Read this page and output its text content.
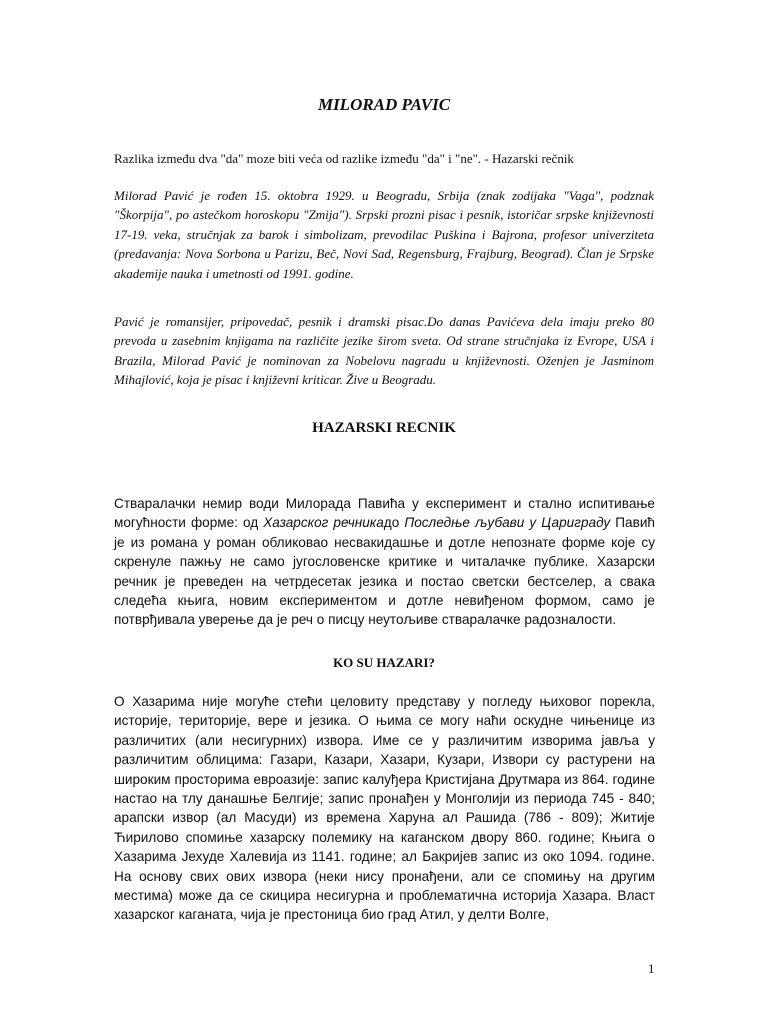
MILORAD PAVIC

Razlika između dva "da" moze biti veća od razlike između "da" i "ne". - Hazarski rečnik

Milorad Pavić je rođen 15. oktobra 1929. u Beogradu, Srbija (znak zodijaka "Vaga", podznak "Škorpija", po astečkom horoskopu "Zmija"). Srpski prozni pisac i pesnik, istoričar srpske književnosti 17-19. veka, stručnjak za barok i simbolizam, prevodilac Puškina i Bajrona, profesor univerziteta (predavanja: Nova Sorbona u Parizu, Beč, Novi Sad, Regensburg, Frajburg, Beograd). Član je Srpske akademije nauka i umetnosti od 1991. godine.

Pavić je romansijer, pripovedač, pesnik i dramski pisac.Do danas Pavićeva dela imaju preko 80 prevoda u zasebnim knjigama na različite jezike širom sveta. Od strane stručnjaka iz Evrope, USA i Brazila, Milorad Pavić je nominovan za Nobelovu nagradu u književnosti. Oženjen je Jasminom Mihajlović, koja je pisac i književni kriticar. Žive u Beogradu.

HAZARSKI RECNIK

Стваралачки немир води Милорада Павића у експеримент и стално испитивање могућности форме: од Хазарског речникадо Последње љубави у Цариграду Павић је из романа у роман обликовао несвакидашње и дотле непознате форме које су скренуле пажњу не само југословенске критике и читалачке публике. Хазарски речник је преведен на четрдесетак језика и постао светски бестселер, а свака следећа књига, новим експериментом и дотле невиђеном формом, само је потврђивала уверење да је реч о писцу неутољиве стваралачке радозналости.

KO SU HAZARI?

О Хазарима није могуће стећи целовиту представу у погледу њиховог порекла, историје, територије, вере и језика. О њима се могу наћи оскудне чињенице из различитих (али несигурних) извора. Име се у различитим изворима јавља у различитим облицима: Газари, Казари, Хазари, Кузари, Извори су растурени на широким просторима евроазије: запис калуђера Кристијана Друтмара из 864. године настао на тлу данашње Белгије; запис пронађен у Монголији из периода 745 - 840; арапски извор (ал Масуди) из времена Харуна ал Рашида (786 - 809); Житије Ћирилово спомиње хазарску полемику на каганском двору 860. године; Књига о Хазарима Јехуде Халевија из 1141. године; ал Бакријев запис из око 1094. године. На основу свих ових извора (неки нису пронађени, али се спомињу на другим местима) може да се скицира несигурна и проблематична историја Хазара. Власт хазарског каганата, чија је престоница био град Атил, у делти Волге,

1
